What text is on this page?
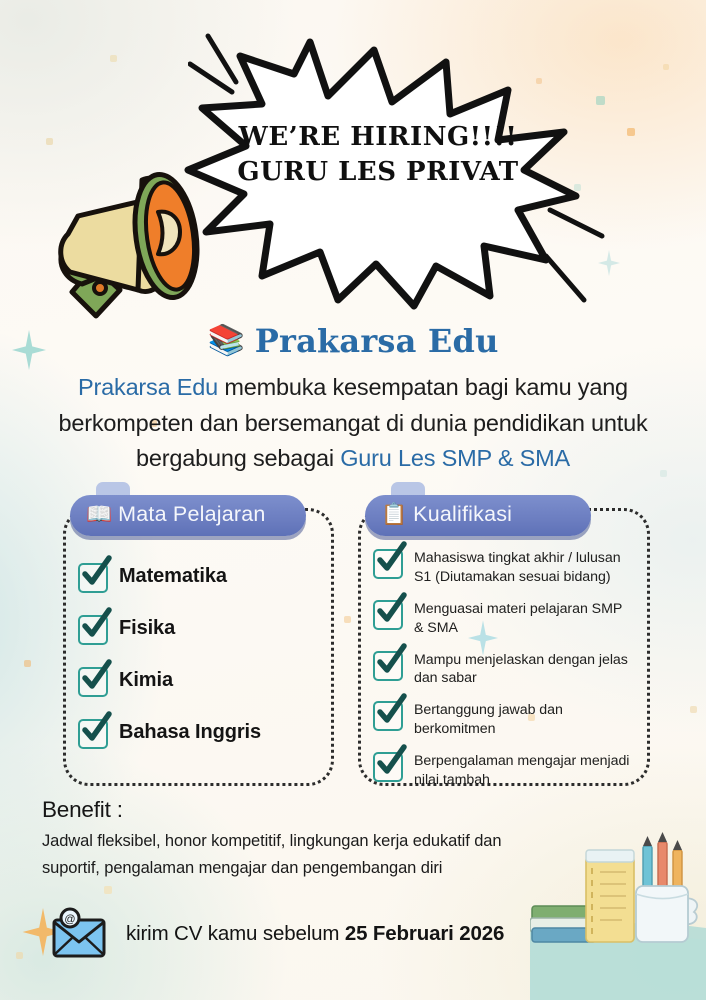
WE’RE HIRING!!!!
GURU LES PRIVAT
📚 Prakarsa Edu
Prakarsa Edu membuka kesempatan bagi kamu yang berkompeten dan bersemangat di dunia pendidikan untuk bergabung sebagai Guru Les SMP & SMA
📖 Mata Pelajaran
Matematika
Fisika
Kimia
Bahasa Inggris
📋 Kualifikasi
Mahasiswa tingkat akhir / lulusan S1 (Diutamakan sesuai bidang)
Menguasai materi pelajaran SMP & SMA
Mampu menjelaskan dengan jelas dan sabar
Bertanggung jawab dan berkomitmen
Berpengalaman mengajar menjadi nilai tambah
Benefit :
Jadwal fleksibel, honor kompetitif, lingkungan kerja edukatif dan suportif, pengalaman mengajar dan pengembangan diri
@
kirim CV kamu sebelum 25 Februari 2026
